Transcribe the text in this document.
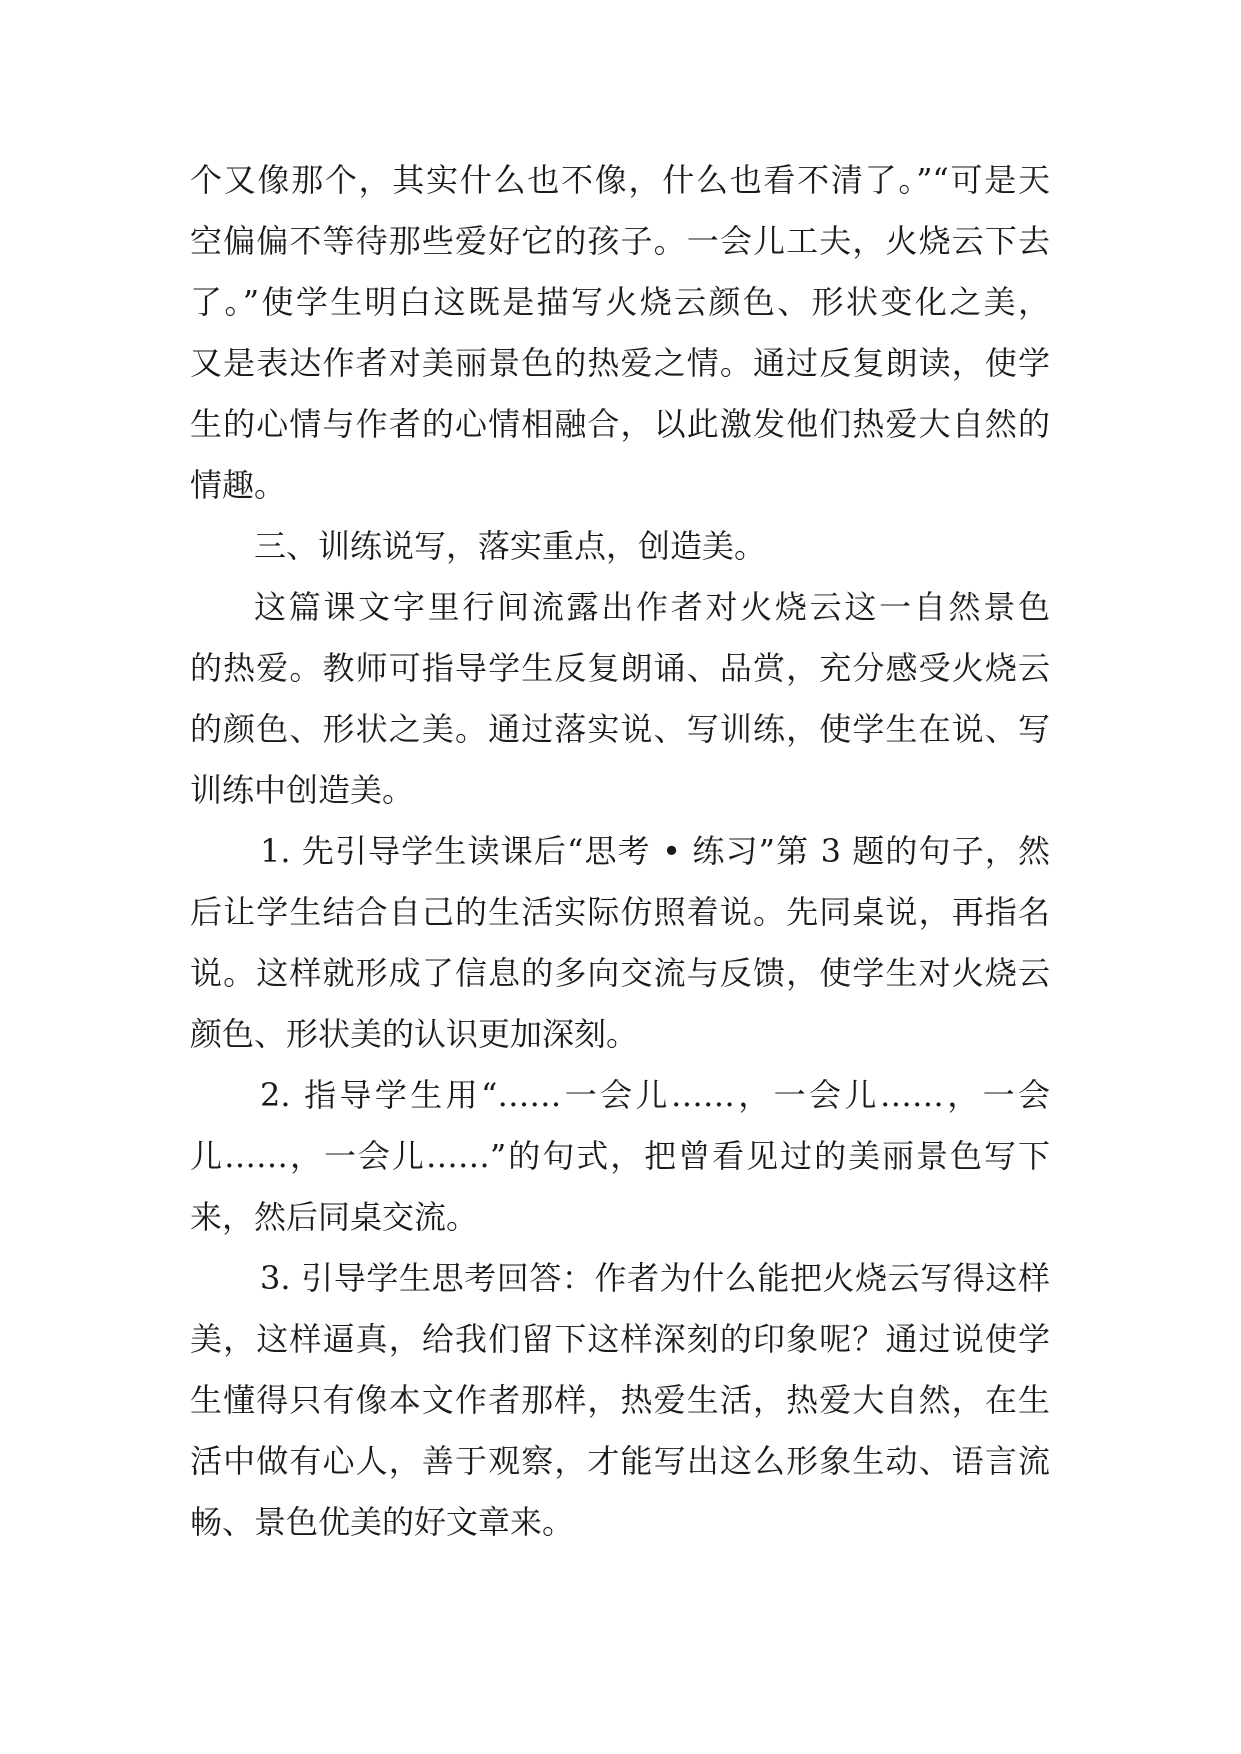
个又像那个，其实什么也不像，什么也看不清了。”“可是天
空偏偏不等待那些爱好它的孩子。一会儿工夫，火烧云下去
了。”使学生明白这既是描写火烧云颜色、形状变化之美，
又是表达作者对美丽景色的热爱之情。通过反复朗读，使学
生的心情与作者的心情相融合，以此激发他们热爱大自然的
情趣。
三、训练说写，落实重点，创造美。
这篇课文字里行间流露出作者对火烧云这一自然景色
的热爱。教师可指导学生反复朗诵、品赏，充分感受火烧云
的颜色、形状之美。通过落实说、写训练，使学生在说、写
训练中创造美。
1. 先引导学生读课后“思考 • 练习”第 3 题的句子，然
后让学生结合自己的生活实际仿照着说。先同桌说，再指名
说。这样就形成了信息的多向交流与反馈，使学生对火烧云
颜色、形状美的认识更加深刻。
2. 指导学生用“……一会儿……，一会儿……，一会
儿……，一会儿……”的句式，把曾看见过的美丽景色写下
来，然后同桌交流。
3. 引导学生思考回答：作者为什么能把火烧云写得这样
美，这样逼真，给我们留下这样深刻的印象呢？通过说使学
生懂得只有像本文作者那样，热爱生活，热爱大自然，在生
活中做有心人，善于观察，才能写出这么形象生动、语言流
畅、景色优美的好文章来。
